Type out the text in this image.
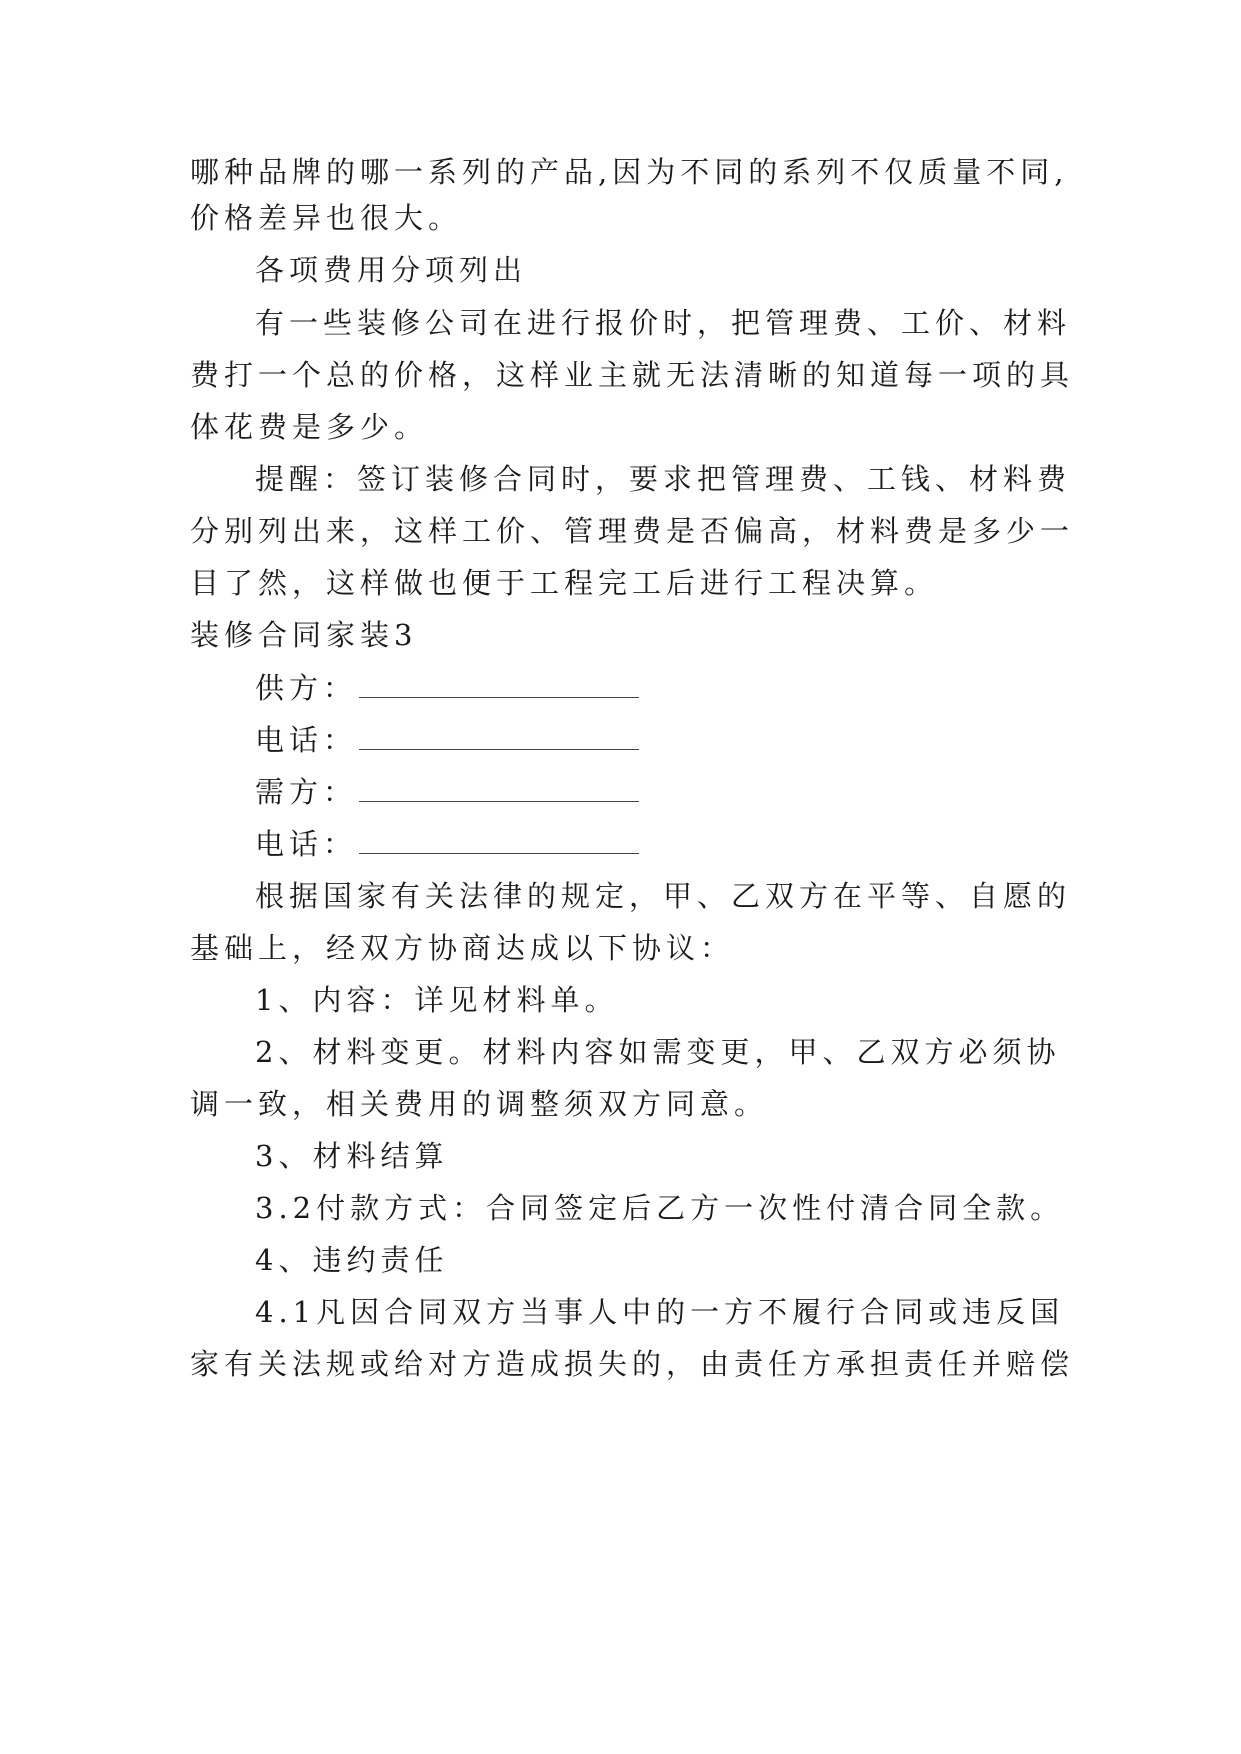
哪种品牌的哪一系列的产品,因为不同的系列不仅质量不同,

价格差异也很大。

各项费用分项列出

有一些装修公司在进行报价时，把管理费、工价、材料

费打一个总的价格，这样业主就无法清晰的知道每一项的具

体花费是多少。

提醒：签订装修合同时，要求把管理费、工钱、材料费

分别列出来，这样工价、管理费是否偏高，材料费是多少一

目了然，这样做也便于工程完工后进行工程决算。

装修合同家装3

供方：
电话：
需方：
电话：

根据国家有关法律的规定，甲、乙双方在平等、自愿的

基础上，经双方协商达成以下协议：

1、内容：详见材料单。

2、材料变更。材料内容如需变更，甲、乙双方必须协

调一致，相关费用的调整须双方同意。

3、材料结算

3.2付款方式：合同签定后乙方一次性付清合同全款。

4、违约责任

4.1凡因合同双方当事人中的一方不履行合同或违反国

家有关法规或给对方造成损失的，由责任方承担责任并赔偿
